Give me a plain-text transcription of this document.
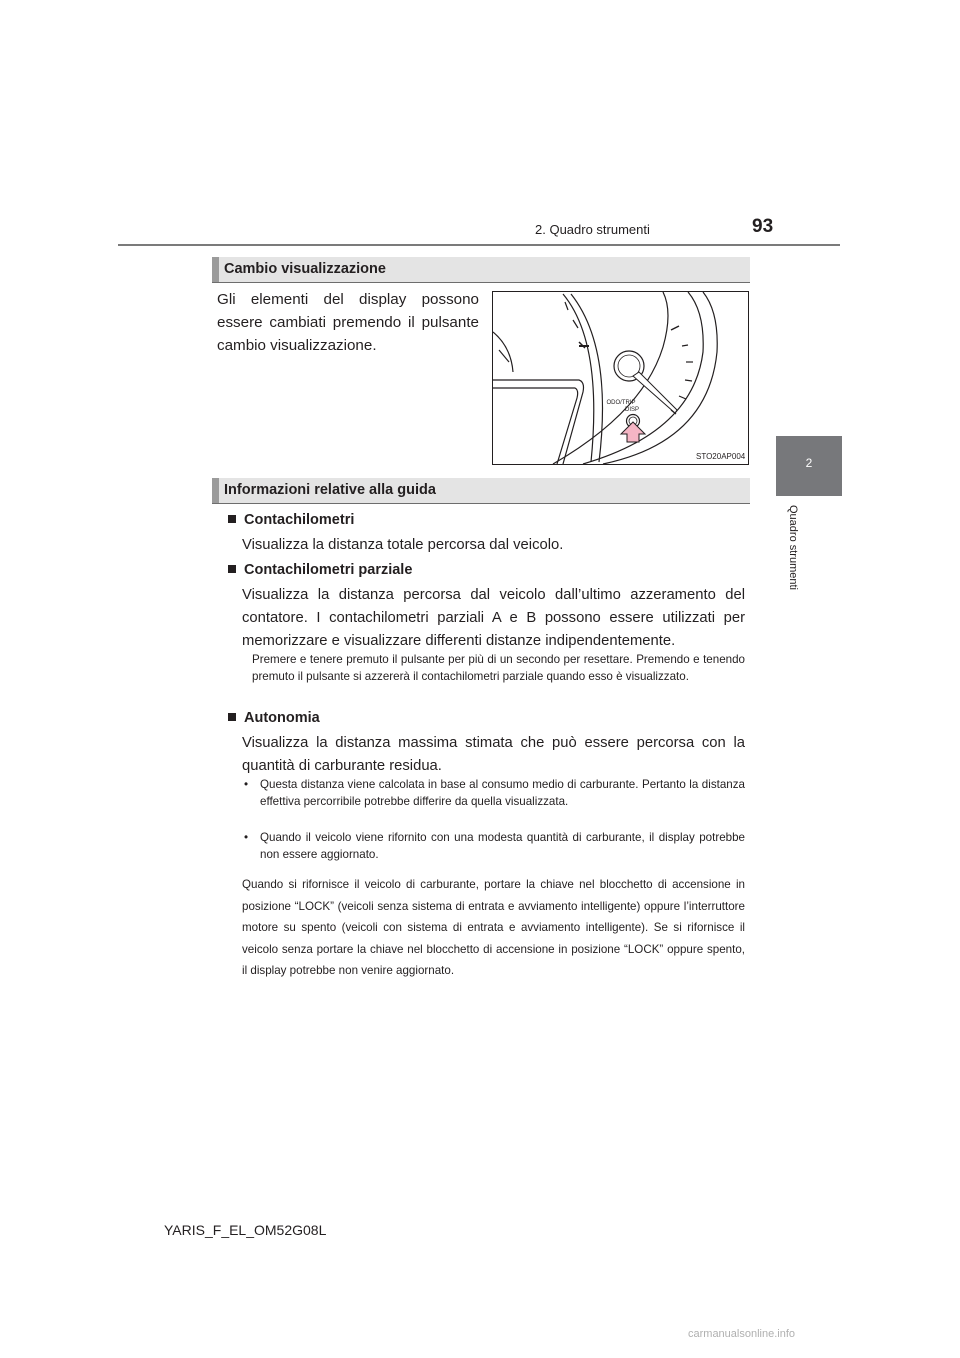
2. Quadro strumenti	93
2
Quadro strumenti
Cambio visualizzazione
Gli elementi del display possono essere cambiati premendo il pulsante cambio visualizzazione.
ODO/TRIP
DISP
STO20AP004
Informazioni relative alla guida
Contachilometri
Visualizza la distanza totale percorsa dal veicolo.
Contachilometri parziale
Visualizza la distanza percorsa dal veicolo dall’ultimo azzeramento del contatore. I contachilometri parziali A e B possono essere utilizzati per memorizzare e visualizzare differenti distanze indipendentemente.
Premere e tenere premuto il pulsante per più di un secondo per resettare. Premendo e tenendo premuto il pulsante si azzererà il contachilometri parziale quando esso è visualizzato.
Autonomia
Visualizza la distanza massima stimata che può essere percorsa con la quantità di carburante residua.
• Questa distanza viene calcolata in base al consumo medio di carburante. Pertanto la distanza effettiva percorribile potrebbe differire da quella visualizzata.
• Quando il veicolo viene rifornito con una modesta quantità di carburante, il display potrebbe non essere aggiornato.
Quando si rifornisce il veicolo di carburante, portare la chiave nel blocchetto di accensione in posizione “LOCK” (veicoli senza sistema di entrata e avviamento intelligente) oppure l’interruttore motore su spento (veicoli con sistema di entrata e avviamento intelligente). Se si rifornisce il veicolo senza portare la chiave nel blocchetto di accensione in posizione “LOCK” oppure spento, il display potrebbe non venire aggiornato.
YARIS_F_EL_OM52G08L
carmanualsonline.info
